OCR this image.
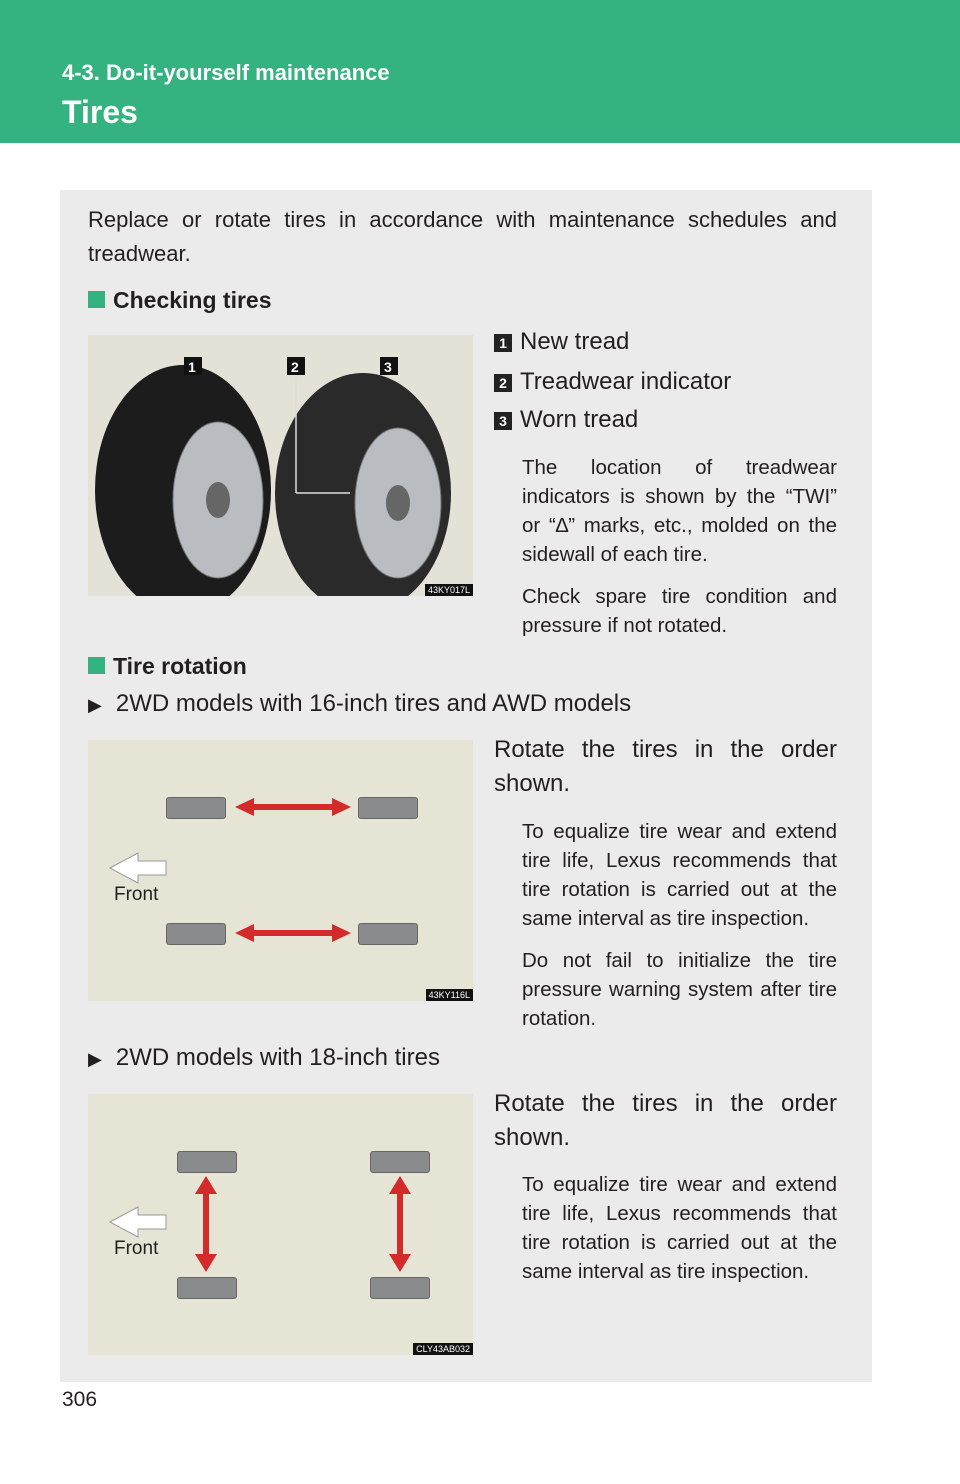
4-3. Do-it-yourself maintenance
Tires
Replace or rotate tires in accordance with maintenance schedules and treadwear.
Checking tires
1	2	3
43KY017L
1 New tread
2 Treadwear indicator
3 Worn tread
The location of treadwear indicators is shown by the “TWI” or “∆” marks, etc., molded on the sidewall of each tire.
Check spare tire condition and pressure if not rotated.
Tire rotation
▶ 2WD models with 16-inch tires and AWD models
Front
43KY116L
Rotate the tires in the order shown.
To equalize tire wear and extend tire life, Lexus recommends that tire rotation is carried out at the same interval as tire inspection.
Do not fail to initialize the tire pressure warning system after tire rotation.
▶ 2WD models with 18-inch tires
Front
CLY43AB032
Rotate the tires in the order shown.
To equalize tire wear and extend tire life, Lexus recommends that tire rotation is carried out at the same interval as tire inspection.
306
